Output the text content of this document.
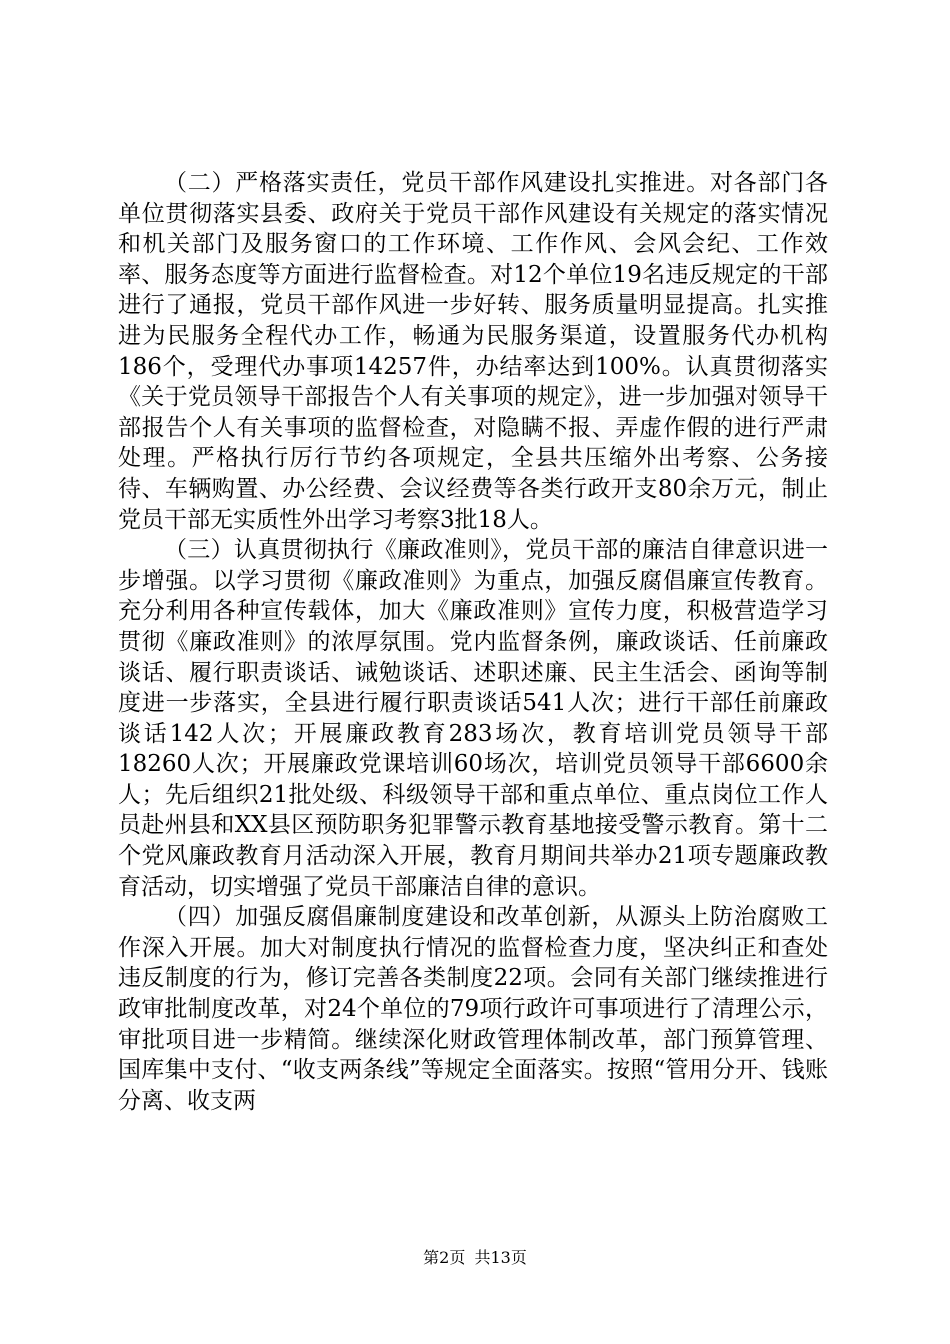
（二）严格落实责任，党员干部作风建设扎实推进。对各部门各单位贯彻落实县委、政府关于党员干部作风建设有关规定的落实情况和机关部门及服务窗口的工作环境、工作作风、会风会纪、工作效率、服务态度等方面进行监督检查。对12个单位19名违反规定的干部进行了通报，党员干部作风进一步好转、服务质量明显提高。扎实推进为民服务全程代办工作，畅通为民服务渠道，设置服务代办机构186个，受理代办事项14257件，办结率达到100%。认真贯彻落实《关于党员领导干部报告个人有关事项的规定》，进一步加强对领导干部报告个人有关事项的监督检查，对隐瞒不报、弄虚作假的进行严肃处理。严格执行厉行节约各项规定，全县共压缩外出考察、公务接待、车辆购置、办公经费、会议经费等各类行政开支80余万元，制止党员干部无实质性外出学习考察3批18人。

（三）认真贯彻执行《廉政准则》，党员干部的廉洁自律意识进一步增强。以学习贯彻《廉政准则》为重点，加强反腐倡廉宣传教育。充分利用各种宣传载体，加大《廉政准则》宣传力度，积极营造学习贯彻《廉政准则》的浓厚氛围。党内监督条例，廉政谈话、任前廉政谈话、履行职责谈话、诫勉谈话、述职述廉、民主生活会、函询等制度进一步落实，全县进行履行职责谈话541人次；进行干部任前廉政谈话142人次；开展廉政教育283场次，教育培训党员领导干部18260人次；开展廉政党课培训60场次，培训党员领导干部6600余人；先后组织21批处级、科级领导干部和重点单位、重点岗位工作人员赴州县和XX县区预防职务犯罪警示教育基地接受警示教育。第十二个党风廉政教育月活动深入开展，教育月期间共举办21项专题廉政教育活动，切实增强了党员干部廉洁自律的意识。

（四）加强反腐倡廉制度建设和改革创新，从源头上防治腐败工作深入开展。加大对制度执行情况的监督检查力度，坚决纠正和查处违反制度的行为，修订完善各类制度22项。会同有关部门继续推进行政审批制度改革，对24个单位的79项行政许可事项进行了清理公示，审批项目进一步精简。继续深化财政管理体制改革，部门预算管理、国库集中支付、“收支两条线”等规定全面落实。按照“管用分开、钱账分离、收支两

第2页 共13页
